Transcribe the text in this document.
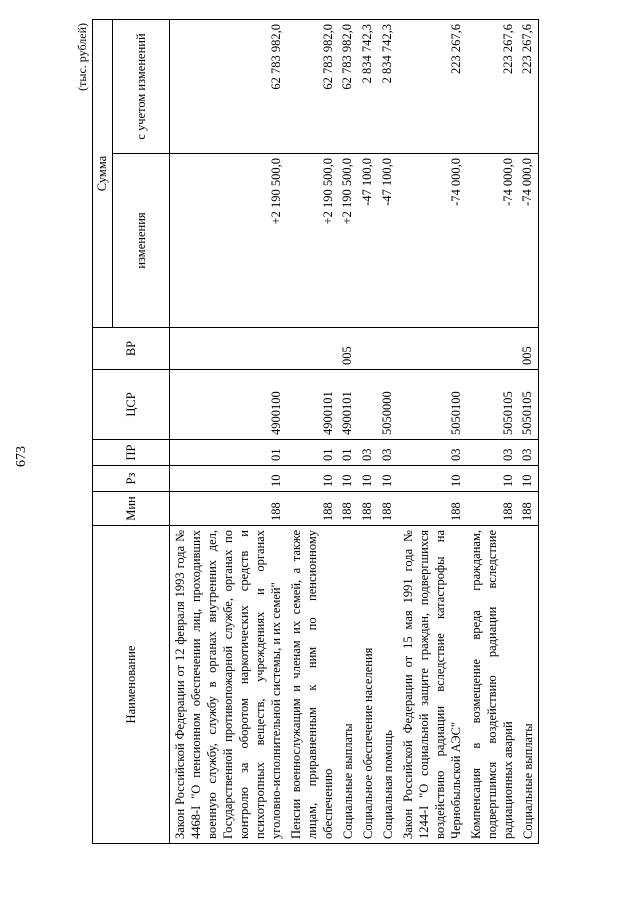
673
(тыс. рублей)
Наименование	Мин	Рз	ПР	ЦСР	ВР	Сумма	
						изменения	с учетом изменений
Закон Российской Федерации от 12 февраля 1993 года № 4468-I "О пенсионном обеспечении лиц, проходивших военную службу, службу в органах внутренних дел, Государственной противопожарной службе, органах по контролю за оборотом наркотических средств и психотропных веществ, учреждениях и органах уголовно-исполнительной системы, и их семей"	188	10	01	4900100		+2 190 500,0	62 783 982,0
Пенсии военнослужащим и членам их семей, а также лицам, приравненным к ним по пенсионному обеспечению	188	10	01	4900101		+2 190 500,0	62 783 982,0
Социальные выплаты	188	10	01	4900101	005	+2 190 500,0	62 783 982,0
Социальное обеспечение населения	188	10	03			-47 100,0	2 834 742,3
Социальная помощь	188	10	03	5050000		-47 100,0	2 834 742,3
Закон Российской Федерации от 15 мая 1991 года № 1244-I "О социальной защите граждан, подвергшихся воздействию радиации вследствие катастрофы на Чернобыльской АЭС"	188	10	03	5050100		-74 000,0	223 267,6
Компенсация в возмещение вреда гражданам, подвергшимся воздействию радиации вследствие радиационных аварий	188	10	03	5050105		-74 000,0	223 267,6
Социальные выплаты	188	10	03	5050105	005	-74 000,0	223 267,6
